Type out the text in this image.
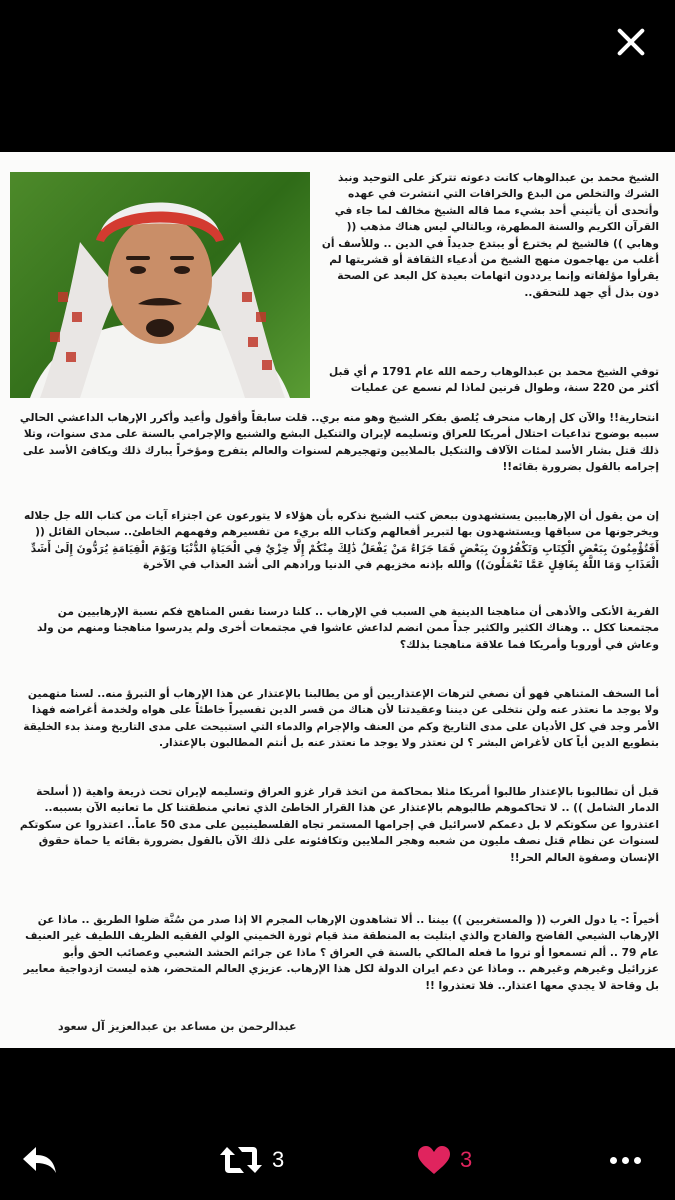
الشيخ محمد بن عبدالوهاب كانت دعوته تتركز على التوحيد ونبذ الشرك والتخلص من البدع والخرافات التي انتشرت في عهده وأتحدى أن يأتيني أحد بشيء مما قاله الشيخ مخالف لما جاء في القرآن الكريم والسنة المطهرة، وبالتالي ليس هناك مذهب (( وهابي )) فالشيخ لم يخترع أو يبتدع جديداً في الدين .. وللأسف أن أغلب من يهاجمون منهج الشيخ من أدعياء الثقافة أو قشريتها لم يقرأوا مؤلفاته وإنما يرددون اتهامات بعيدة كل البعد عن الصحة دون بذل أي جهد للتحقق..
توفي الشيخ محمد بن عبدالوهاب رحمه الله عام 1791 م أي قبل أكثر من 220 سنة، وطوال قرنين لماذا لم نسمع عن عمليات
انتحارية!! والآن كل إرهاب منحرف يُلصق بفكر الشيخ وهو منه بري.. قلت سابقاً وأقول وأعيد وأكرر الإرهاب الداعشي الحالي سببه بوضوح تداعيات احتلال أمريكا للعراق وتسليمه لإيران والتنكيل البشع والشنيع والإجرامي بالسنة على مدى سنوات، وتلا ذلك قتل بشار الأسد لمئات الآلاف والتنكيل بالملايين وتهجيرهم لسنوات والعالم يتفرج ومؤخراً يبارك ذلك ويكافئ الأسد على إجرامه بالقول بضرورة بقائه!!
إن من يقول أن الإرهابيين يستشهدون ببعض كتب الشيخ نذكره بأن هؤلاء لا يتورعون عن اجتزاء آيات من كتاب الله جل جلاله ويخرجونها من سياقها ويستشهدون بها لتبرير أفعالهم وكتاب الله بريء من تفسيرهم وفهمهم الخاطئ.. سبحان القائل (( أَفَتُؤْمِنُونَ بِبَعْضِ الْكِتَابِ وَتَكْفُرُونَ بِبَعْضٍ فَمَا جَزَاءُ مَنْ يَفْعَلُ ذَٰلِكَ مِنْكُمْ إِلَّا خِزْيٌ فِي الْحَيَاةِ الدُّنْيَا وَيَوْمَ الْقِيَامَةِ يُرَدُّونَ إِلَىٰ أَشَدِّ الْعَذَابِ وَمَا اللَّهُ بِغَافِلٍ عَمَّا تَعْمَلُونَ)) والله بإذنه مخزيهم في الدنيا ورادهم الى أشد العذاب في الآخرة
الفرية الأنكى والأدهى أن مناهجنا الدينية هي السبب في الإرهاب .. كلنا درسنا نفس المناهج فكم نسبة الإرهابيين من مجتمعنا ككل .. وهناك الكثير والكثير جداً ممن انضم لداعش عاشوا في مجتمعات أخرى ولم يدرسوا مناهجنا ومنهم من ولد وعاش في أوروبا وأمريكا فما علاقة مناهجنا بذلك؟
أما السخف المتناهي فهو أن نصغي لترهات الإعتذاريين أو من يطالبنا بالإعتذار عن هذا الإرهاب أو التبرؤ منه.. لسنا متهمين ولا يوجد ما نعتذر عنه ولن نتخلى عن ديننا وعقيدتنا لأن هناك من قسر الدين تفسيراً خاطئاً على هواه ولخدمة أغراضه فهذا الأمر وجد في كل الأديان على مدى التاريخ وكم من العنف والإجرام والدماء التي استبيحت على مدى التاريخ ومنذ بدء الخليقة بتطويع الدين أياً كان لأغراض البشر ؟ لن نعتذر ولا يوجد ما نعتذر عنه بل أنتم المطالبون بالإعتذار.
قبل أن تطالبونا بالإعتذار طالبوا أمريكا مثلا بمحاكمة من اتخذ قرار غزو العراق وتسليمه لإيران تحت ذريعة واهية (( أسلحة الدمار الشامل )) .. لا تحاكموهم طالبوهم بالإعتذار عن هذا القرار الخاطئ الذي تعاني منطقتنا كل ما تعانيه الآن بسببه.. اعتذروا عن سكوتكم لا بل دعمكم لاسرائيل في إجرامها المستمر تجاه الفلسطينيين على مدى 50 عاماً.. اعتذروا عن سكوتكم لسنوات عن نظام قتل نصف مليون من شعبه وهجر الملايين وتكافئونه على ذلك الآن بالقول بضرورة بقائه يا حماة حقوق الإنسان وصفوة العالم الحر!!
أخيراً :- يا دول الغرب (( والمستغربين )) بيننا .. ألا تشاهدون الإرهاب المجرم الا إذا صدر من سُنَّة ضلوا الطريق .. ماذا عن الإرهاب الشيعي الفاضح والفادح والذي ابتليت به المنطقة منذ قيام ثورة الخميني الولي الفقيه الظريف اللطيف غير العنيف عام 79 .. ألم تسمعوا أو تروا ما فعله المالكي بالسنة في العراق ؟ ماذا عن جرائم الحشد الشعبي وعصائب الحق وأبو عزرائيل وغيرهم وغيرهم .. وماذا عن دعم ايران الدولة لكل هذا الإرهاب. عزيزي العالم المتحضر، هذه ليست ازدواجية معايير بل وقاحة لا يجدي معها اعتذار.. فلا تعتذروا !!
عبدالرحمن بن مساعد بن عبدالعزيز آل سعود
3	3
